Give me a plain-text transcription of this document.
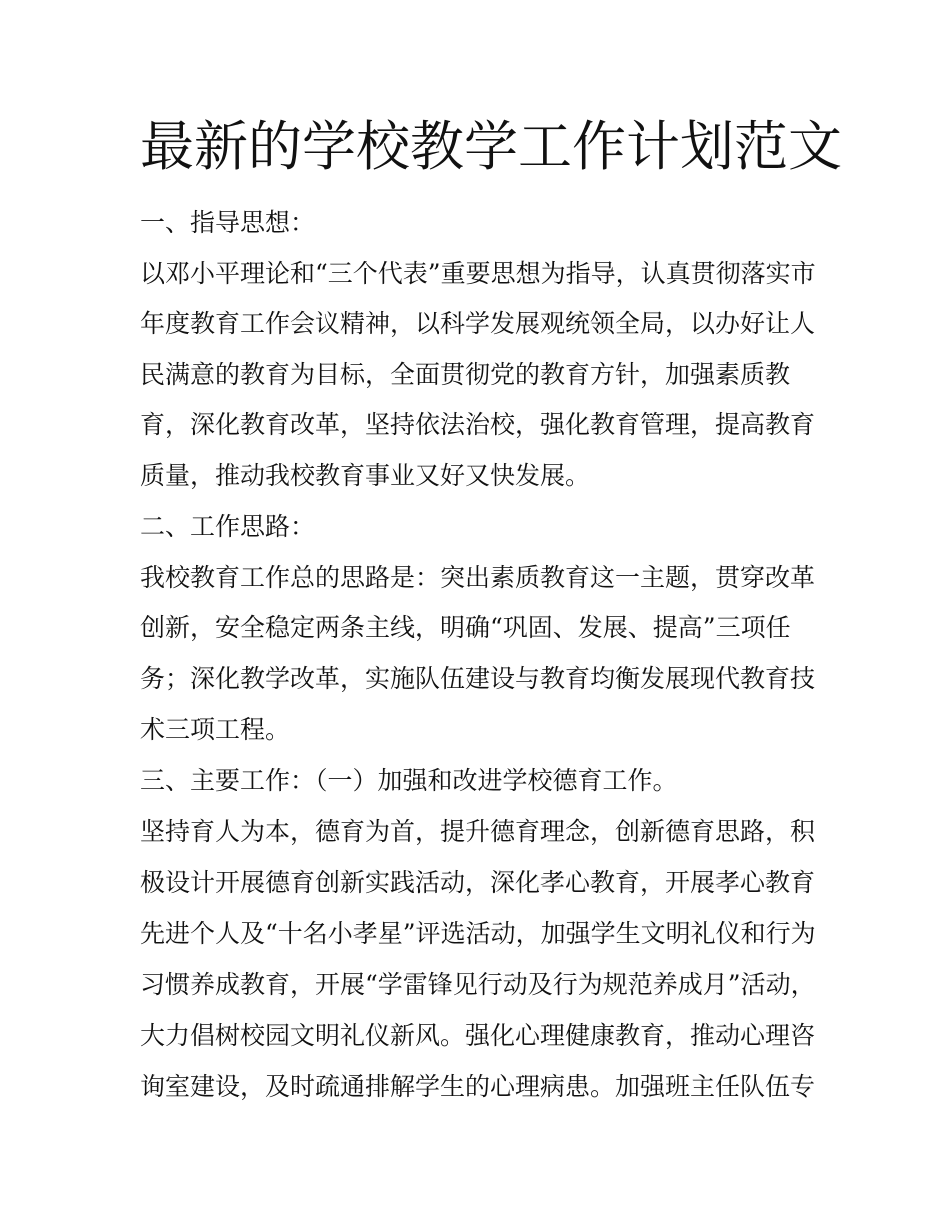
最新的学校教学工作计划范文
一、指导思想：
以邓小平理论和“三个代表”重要思想为指导，认真贯彻落实市
年度教育工作会议精神，以科学发展观统领全局，以办好让人
民满意的教育为目标，全面贯彻党的教育方针，加强素质教
育，深化教育改革，坚持依法治校，强化教育管理，提高教育
质量，推动我校教育事业又好又快发展。
二、工作思路：
我校教育工作总的思路是：突出素质教育这一主题，贯穿改革
创新，安全稳定两条主线，明确“巩固、发展、提高”三项任
务；深化教学改革，实施队伍建设与教育均衡发展现代教育技
术三项工程。
三、主要工作：（一）加强和改进学校德育工作。
坚持育人为本，德育为首，提升德育理念，创新德育思路，积
极设计开展德育创新实践活动，深化孝心教育，开展孝心教育
先进个人及“十名小孝星”评选活动，加强学生文明礼仪和行为
习惯养成教育，开展“学雷锋见行动及行为规范养成月”活动，
大力倡树校园文明礼仪新风。强化心理健康教育，推动心理咨
询室建设，及时疏通排解学生的心理病患。加强班主任队伍专
